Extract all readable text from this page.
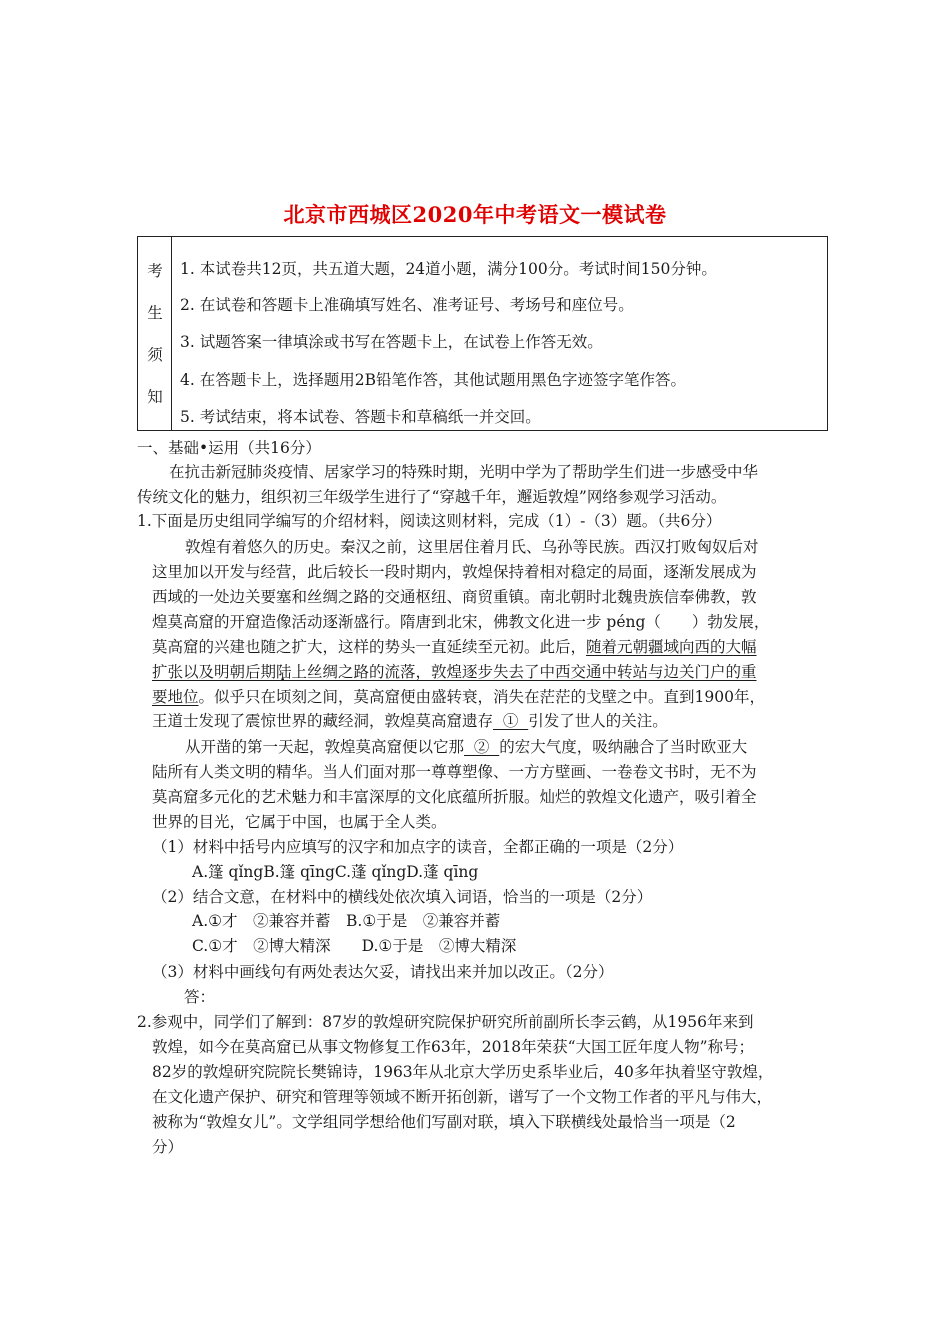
北京市西城区2020年中考语文一模试卷
考
生
须
知
1. 本试卷共12页，共五道大题，24道小题，满分100分。考试时间150分钟。
2. 在试卷和答题卡上准确填写姓名、准考证号、考场号和座位号。
3. 试题答案一律填涂或书写在答题卡上，在试卷上作答无效。
4. 在答题卡上，选择题用2B铅笔作答，其他试题用黑色字迹签字笔作答。
5. 考试结束，将本试卷、答题卡和草稿纸一并交回。
一、基础•运用（共16分）
在抗击新冠肺炎疫情、居家学习的特殊时期，光明中学为了帮助学生们进一步感受中华
传统文化的魅力，组织初三年级学生进行了“穿越千年，邂逅敦煌”网络参观学习活动。
1.下面是历史组同学编写的介绍材料，阅读这则材料，完成（1）-（3）题。（共6分）
敦煌有着悠久的历史。秦汉之前，这里居住着月氏、乌孙等民族。西汉打败匈奴后对
这里加以开发与经营，此后较长一段时期内，敦煌保持着相对稳定的局面，逐渐发展成为
西域的一处边关要塞和丝绸之路的交通枢纽、商贸重镇。南北朝时北魏贵族信奉佛教，敦
煌莫高窟的开窟造像活动逐渐盛行。隋唐到北宋，佛教文化进一步 péng（　　）勃发展，
莫高窟的兴建也随之扩大，这样的势头一直延续至元初。此后，随着元朝疆域向西的大幅
扩张以及明朝后期陆上丝绸之路的流落，敦煌逐步失去了中西交通中转站与边关门户的重
要地位。似乎只在顷刻之间，莫高窟便由盛转衰，消失在茫茫的戈壁之中。直到1900年，
王道士发现了震惊世界的藏经洞，敦煌莫高窟遗存  ①  引发了世人的关注。
从开凿的第一天起，敦煌莫高窟便以它那  ②  的宏大气度，吸纳融合了当时欧亚大
陆所有人类文明的精华。当人们面对那一尊尊塑像、一方方壁画、一卷卷文书时，无不为
莫高窟多元化的艺术魅力和丰富深厚的文化底蕴所折服。灿烂的敦煌文化遗产，吸引着全
世界的目光，它属于中国，也属于全人类。
（1）材料中括号内应填写的汉字和加点字的读音，全都正确的一项是（2分）
A.篷 qǐngB.篷 qīngC.蓬 qǐngD.蓬 qīng
（2）结合文意，在材料中的横线处依次填入词语，恰当的一项是（2分）
A.①才　②兼容并蓄　B.①于是　②兼容并蓄
C.①才　②博大精深　　D.①于是　②博大精深
（3）材料中画线句有两处表达欠妥，请找出来并加以改正。（2分）
答：
2.参观中，同学们了解到：87岁的敦煌研究院保护研究所前副所长李云鹤，从1956年来到
敦煌，如今在莫高窟已从事文物修复工作63年，2018年荣获“大国工匠年度人物”称号；
82岁的敦煌研究院院长樊锦诗，1963年从北京大学历史系毕业后，40多年执着坚守敦煌，
在文化遗产保护、研究和管理等领域不断开拓创新，谱写了一个文物工作者的平凡与伟大，
被称为“敦煌女儿”。文学组同学想给他们写副对联，填入下联横线处最恰当一项是（2
分）
